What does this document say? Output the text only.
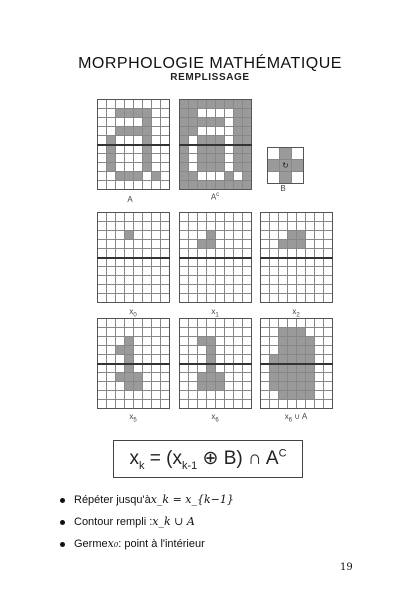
MORPHOLOGIE MATHÉMATIQUE
REMPLISSAGE
↻
A	$A^c$
B
$x_0$	$x_1$	$x_2$
$x_5$	$x_6$	$x_6$ ∪ A
$x_k = (x_{k-1}$ ⊕ B) ∩ $A^C$
Répéter jusqu'à x_k = x_{k−1}
Contour rempli : x_k ∪ A
Germe x₀ : point à l'intérieur
19
